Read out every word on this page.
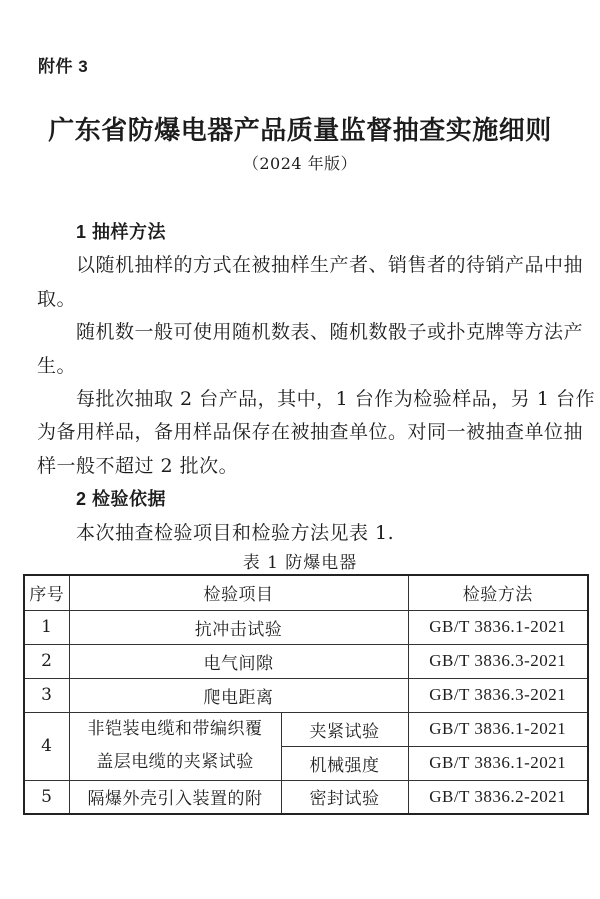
附件 3
广东省防爆电器产品质量监督抽查实施细则
（2024 年版）
1 抽样方法
以随机抽样的方式在被抽样生产者、销售者的待销产品中抽
取。
随机数一般可使用随机数表、随机数骰子或扑克牌等方法产
生。
每批次抽取 2 台产品，其中，1 台作为检验样品，另 1 台作
为备用样品，备用样品保存在被抽查单位。对同一被抽查单位抽
样一般不超过 2 批次。
2 检验依据
本次抽查检验项目和检验方法见表 1.
表 1 防爆电器
序号	检验项目		检验方法
1	抗冲击试验		GB/T 3836.1-2021
2	电气间隙		GB/T 3836.3-2021
3	爬电距离		GB/T 3836.3-2021
4	非铠装电缆和带编织覆
盖层电缆的夹紧试验	夹紧试验	GB/T 3836.1-2021
		机械强度	GB/T 3836.1-2021
5	隔爆外壳引入装置的附	密封试验	GB/T 3836.2-2021
